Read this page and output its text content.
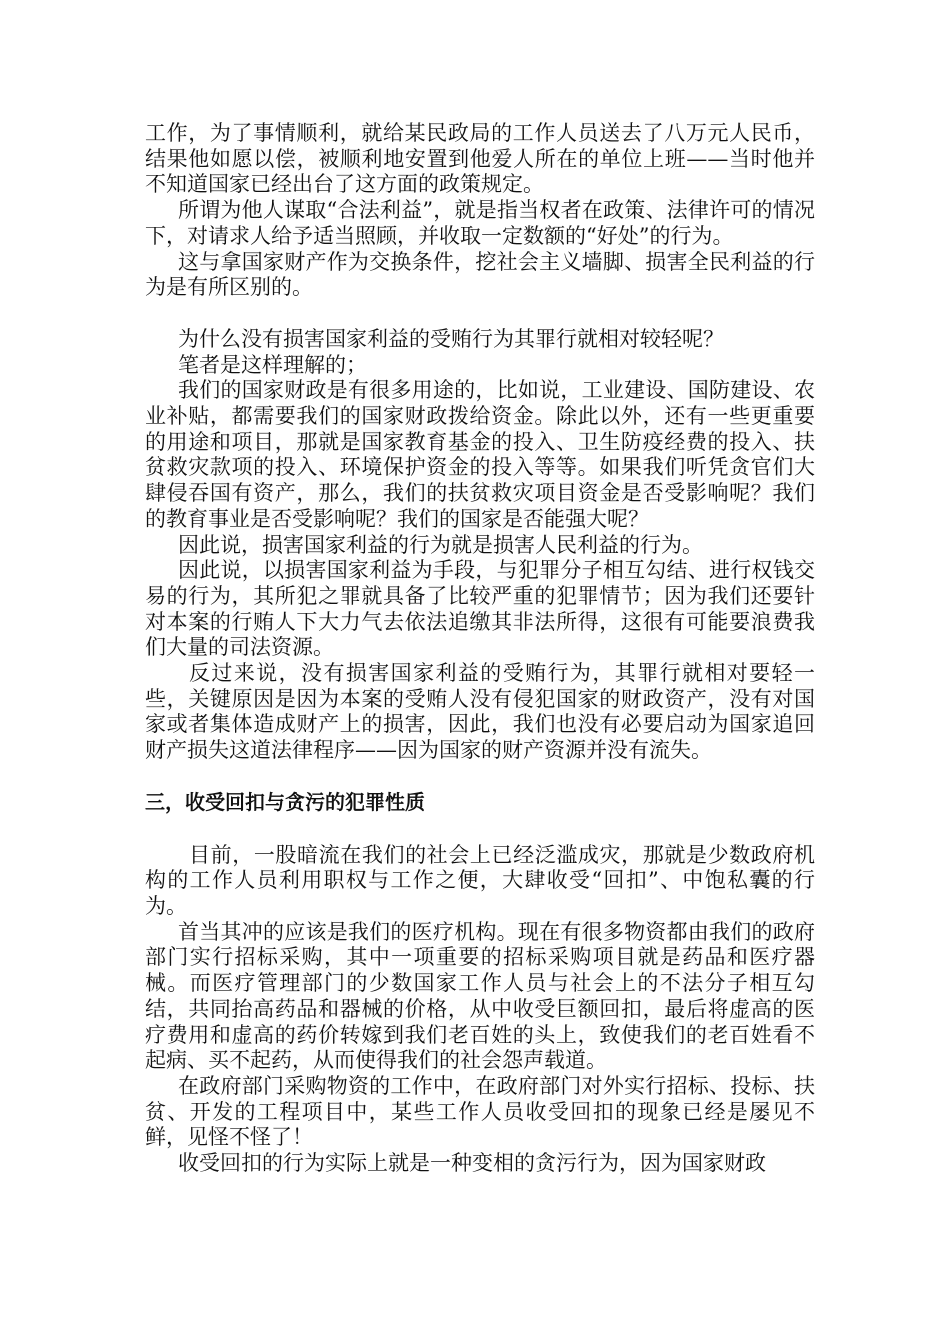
工作，为了事情顺利，就给某民政局的工作人员送去了八万元人民币，结果他如愿以偿，被顺利地安置到他爱人所在的单位上班——当时他并不知道国家已经出台了这方面的政策规定。

所谓为他人谋取“合法利益”，就是指当权者在政策、法律许可的情况下，对请求人给予适当照顾，并收取一定数额的“好处”的行为。

这与拿国家财产作为交换条件，挖社会主义墙脚、损害全民利益的行为是有所区别的。

为什么没有损害国家利益的受贿行为其罪行就相对较轻呢？

笔者是这样理解的；

我们的国家财政是有很多用途的，比如说，工业建设、国防建设、农业补贴，都需要我们的国家财政拨给资金。除此以外，还有一些更重要的用途和项目，那就是国家教育基金的投入、卫生防疫经费的投入、扶贫救灾款项的投入、环境保护资金的投入等等。如果我们听凭贪官们大肆侵吞国有资产，那么，我们的扶贫救灾项目资金是否受影响呢？我们的教育事业是否受影响呢？我们的国家是否能强大呢？

因此说，损害国家利益的行为就是损害人民利益的行为。

因此说，以损害国家利益为手段，与犯罪分子相互勾结、进行权钱交易的行为，其所犯之罪就具备了比较严重的犯罪情节；因为我们还要针对本案的行贿人下大力气去依法追缴其非法所得，这很有可能要浪费我们大量的司法资源。

反过来说，没有损害国家利益的受贿行为，其罪行就相对要轻一些，关键原因是因为本案的受贿人没有侵犯国家的财政资产，没有对国家或者集体造成财产上的损害，因此，我们也没有必要启动为国家追回财产损失这道法律程序——因为国家的财产资源并没有流失。

三，收受回扣与贪污的犯罪性质

目前，一股暗流在我们的社会上已经泛滥成灾，那就是少数政府机构的工作人员利用职权与工作之便，大肆收受“回扣”、中饱私囊的行为。

首当其冲的应该是我们的医疗机构。现在有很多物资都由我们的政府部门实行招标采购，其中一项重要的招标采购项目就是药品和医疗器械。而医疗管理部门的少数国家工作人员与社会上的不法分子相互勾结，共同抬高药品和器械的价格，从中收受巨额回扣，最后将虚高的医疗费用和虚高的药价转嫁到我们老百姓的头上，致使我们的老百姓看不起病、买不起药，从而使得我们的社会怨声载道。

在政府部门采购物资的工作中，在政府部门对外实行招标、投标、扶贫、开发的工程项目中，某些工作人员收受回扣的现象已经是屡见不鲜，见怪不怪了！

收受回扣的行为实际上就是一种变相的贪污行为，因为国家财政
